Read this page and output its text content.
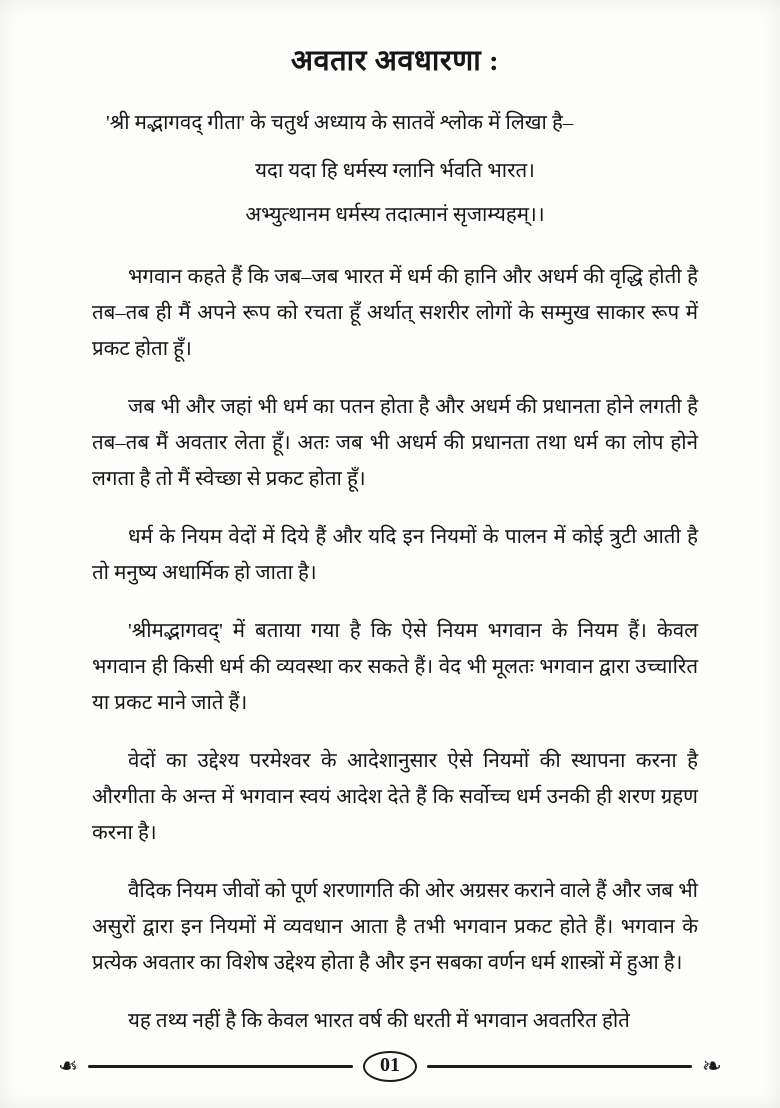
अवतार अवधारणा :

'श्री मद्भागवद् गीता' के चतुर्थ अध्याय के सातवें श्लोक में लिखा है–

यदा यदा हि धर्मस्य ग्लानि र्भवति भारत।
अभ्युत्थानम धर्मस्य तदात्मानं सृजाम्यहम्।।

भगवान कहते हैं कि जब–जब भारत में धर्म की हानि और अधर्म की वृद्धि होती है तब–तब ही मैं अपने रूप को रचता हूँ अर्थात् सशरीर लोगों के सम्मुख साकार रूप में प्रकट होता हूँ।

जब भी और जहां भी धर्म का पतन होता है और अधर्म की प्रधानता होने लगती है तब–तब मैं अवतार लेता हूँ। अतः जब भी अधर्म की प्रधानता तथा धर्म का लोप होने लगता है तो मैं स्वेच्छा से प्रकट होता हूँ।

धर्म के नियम वेदों में दिये हैं और यदि इन नियमों के पालन में कोई त्रुटी आती है तो मनुष्य अधार्मिक हो जाता है।

'श्रीमद्भागवद्' में बताया गया है कि ऐसे नियम भगवान के नियम हैं। केवल भगवान ही किसी धर्म की व्यवस्था कर सकते हैं। वेद भी मूलतः भगवान द्वारा उच्चारित या प्रकट माने जाते हैं।

वेदों का उद्देश्य परमेश्वर के आदेशानुसार ऐसे नियमों की स्थापना करना है औरगीता के अन्त में भगवान स्वयं आदेश देते हैं कि सर्वोच्च धर्म उनकी ही शरण ग्रहण करना है।

वैदिक नियम जीवों को पूर्ण शरणागति की ओर अग्रसर कराने वाले हैं और जब भी असुरों द्वारा इन नियमों में व्यवधान आता है तभी भगवान प्रकट होते हैं। भगवान के प्रत्येक अवतार का विशेष उद्देश्य होता है और इन सबका वर्णन धर्म शास्त्रों में हुआ है।

यह तथ्य नहीं है कि केवल भारत वर्ष की धरती में भगवान अवतरित होते

❧	01	❧
